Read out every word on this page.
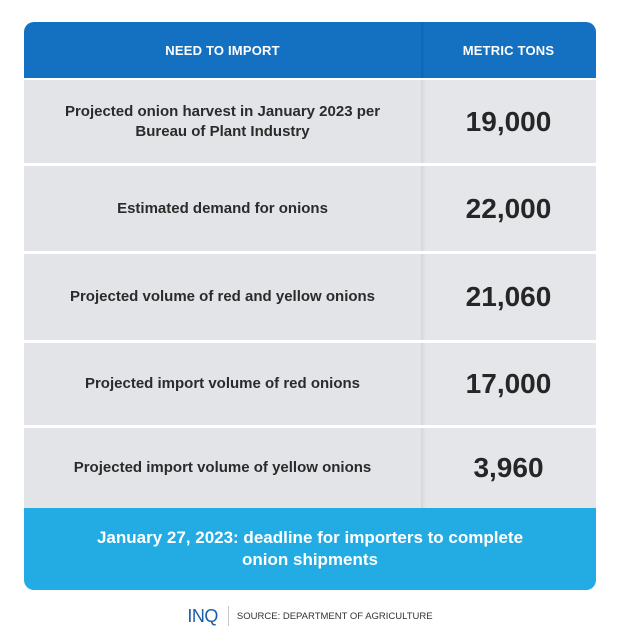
NEED TO IMPORT	METRIC TONS
Projected onion harvest in January 2023 per Bureau of Plant Industry	19,000
Estimated demand for onions	22,000
Projected volume of red and yellow onions	21,060
Projected import volume of red onions	17,000
Projected import volume of yellow onions	3,960
January 27, 2023: deadline for importers to complete onion shipments
INQ SOURCE: DEPARTMENT OF AGRICULTURE
